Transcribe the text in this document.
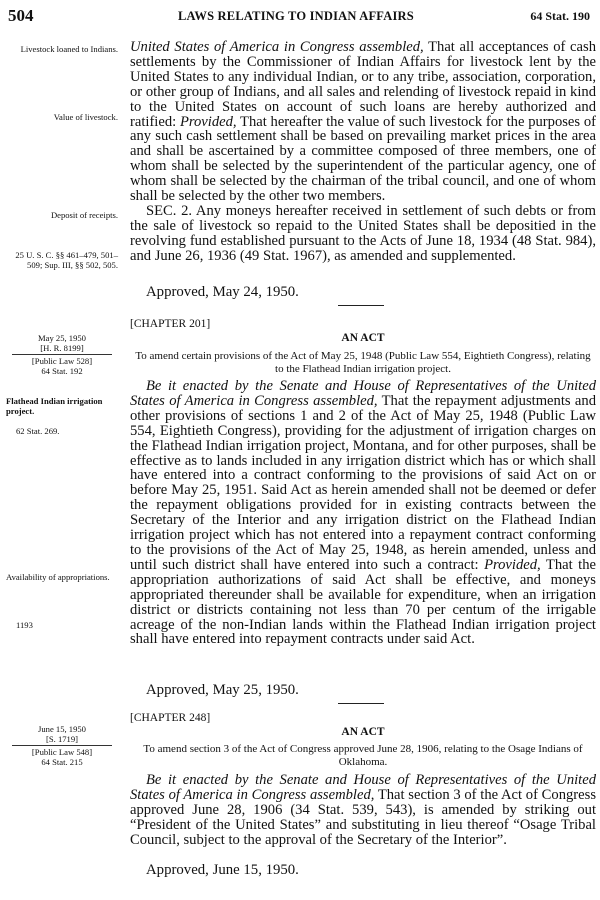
504	LAWS RELATING TO INDIAN AFFAIRS	64 Stat. 190
Livestock loaned to Indians.
Value of livestock.
Deposit of receipts.
25 U. S. C. §§ 461–479, 501–509; Sup. III, §§ 502, 505.
May 25, 1950
[H. R. 8199]
[Public Law 528]
64 Stat. 192
Flathead Indian irrigation project.
62 Stat. 269.
Availability of appropriations.
1193
June 15, 1950
[S. 1719]
[Public Law 548]
64 Stat. 215

United States of America in Congress assembled, That all acceptances of cash settlements by the Commissioner of Indian Affairs for livestock lent by the United States to any individual Indian, or to any tribe, association, corporation, or other group of Indians, and all sales and relending of livestock repaid in kind to the United States on account of such loans are hereby authorized and ratified: Provided, That hereafter the value of such livestock for the purposes of any such cash settlement shall be based on prevailing market prices in the area and shall be ascertained by a committee composed of three members, one of whom shall be selected by the superintendent of the particular agency, one of whom shall be selected by the chairman of the tribal council, and one of whom shall be selected by the other two members.

SEC. 2. Any moneys hereafter received in settlement of such debts or from the sale of livestock so repaid to the United States shall be depositied in the revolving fund established pursuant to the Acts of June 18, 1934 (48 Stat. 984), and June 26, 1936 (49 Stat. 1967), as amended and supplemented.

Approved, May 24, 1950.
[CHAPTER 201]
AN ACT
To amend certain provisions of the Act of May 25, 1948 (Public Law 554, Eightieth Congress), relating to the Flathead Indian irrigation project.

Be it enacted by the Senate and House of Representatives of the United States of America in Congress assembled, That the repayment adjustments and other provisions of sections 1 and 2 of the Act of May 25, 1948 (Public Law 554, Eightieth Congress), providing for the adjustment of irrigation charges on the Flathead Indian irrigation project, Montana, and for other purposes, shall be effective as to lands included in any irrigation district which has or which shall have entered into a contract conforming to the provisions of said Act on or before May 25, 1951. Said Act as herein amended shall not be deemed or defer the repayment obligations provided for in existing contracts between the Secretary of the Interior and any irrigation district on the Flathead Indian irrigation project which has not entered into a repayment contract conforming to the provisions of the Act of May 25, 1948, as herein amended, unless and until such district shall have entered into such a contract: Provided, That the appropriation authorizations of said Act shall be effective, and moneys appropriated thereunder shall be available for expenditure, when an irrigation district or districts containing not less than 70 per centum of the irrigable acreage of the non-Indian lands within the Flathead Indian irrigation project shall have entered into repayment contracts under said Act.

Approved, May 25, 1950.
[CHAPTER 248]
AN ACT
To amend section 3 of the Act of Congress approved June 28, 1906, relating to the Osage Indians of Oklahoma.

Be it enacted by the Senate and House of Representatives of the United States of America in Congress assembled, That section 3 of the Act of Congress approved June 28, 1906 (34 Stat. 539, 543), is amended by striking out “President of the United States” and substituting in lieu thereof “Osage Tribal Council, subject to the approval of the Secretary of the Interior”.

Approved, June 15, 1950.
